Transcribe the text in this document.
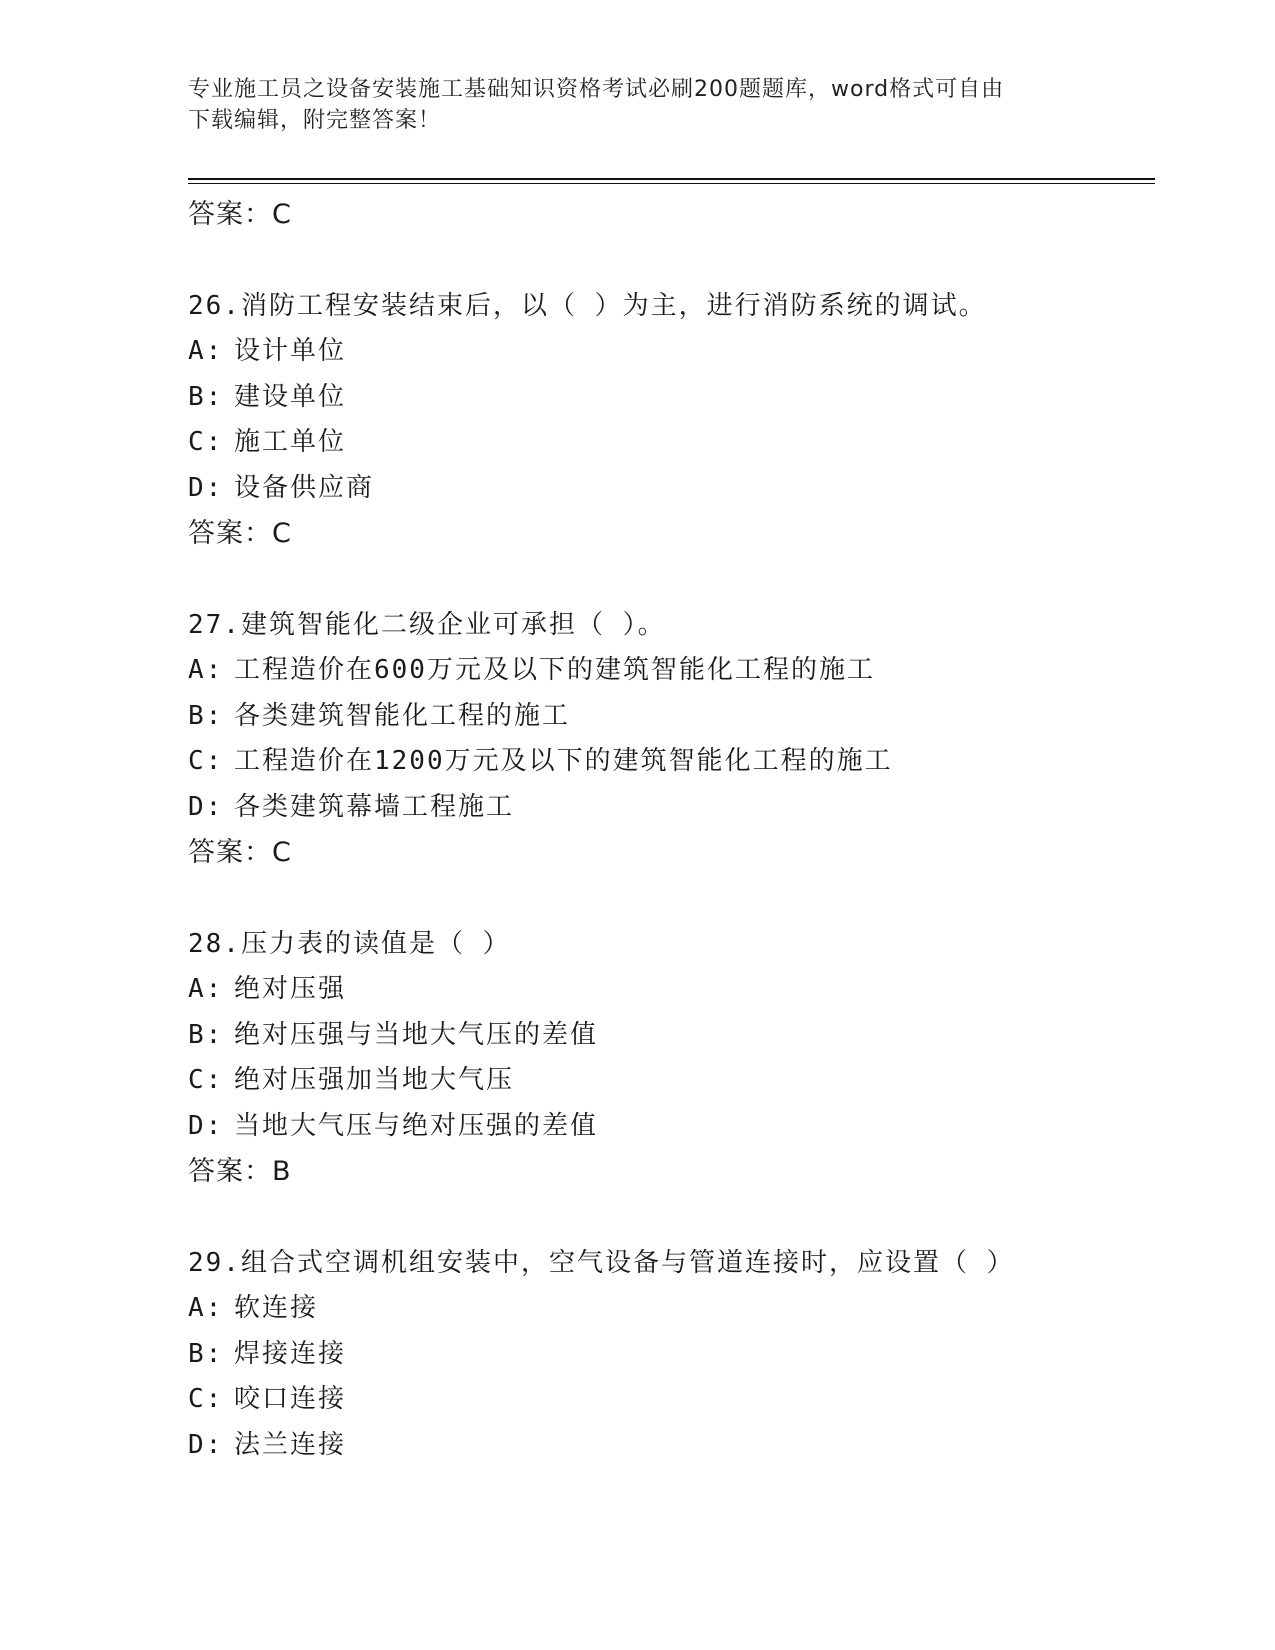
专业施工员之设备安装施工基础知识资格考试必刷200题题库，word格式可自由
下载编辑，附完整答案！
答案：C
26.消防工程安装结束后，以（ ）为主，进行消防系统的调试。
A: 设计单位
B: 建设单位
C: 施工单位
D: 设备供应商
答案：C
27.建筑智能化二级企业可承担（ ）。
A: 工程造价在600万元及以下的建筑智能化工程的施工
B: 各类建筑智能化工程的施工
C: 工程造价在1200万元及以下的建筑智能化工程的施工
D: 各类建筑幕墙工程施工
答案：C
28.压力表的读值是（ ）
A: 绝对压强
B: 绝对压强与当地大气压的差值
C: 绝对压强加当地大气压
D: 当地大气压与绝对压强的差值
答案：B
29.组合式空调机组安装中，空气设备与管道连接时，应设置（ ）
A: 软连接
B: 焊接连接
C: 咬口连接
D: 法兰连接
